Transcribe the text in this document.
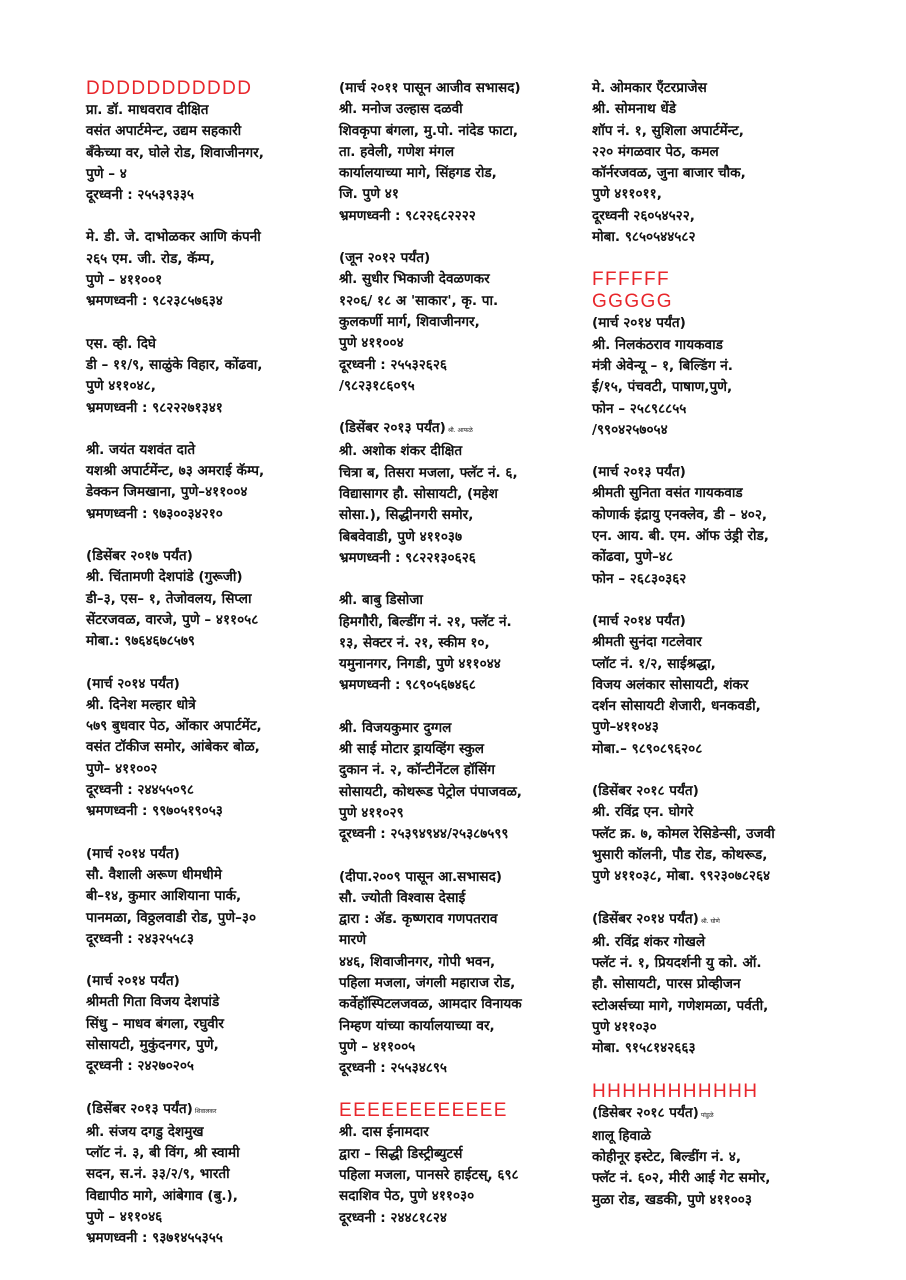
DDDDDDDDDDD
प्रा. डॉ. माधवराव दीक्षित
वसंत अपार्टमेन्ट, उद्यम सहकारी
बँकेच्या वर, घोले रोड, शिवाजीनगर,
पुणे – ४
दूरध्वनी : २५५३९३३५
मे. डी. जे. दाभोळकर आणि कंपनी
२६५ एम. जी. रोड, कॅम्प,
पुणे – ४११००१
भ्रमणध्वनी : ९८२३८५७६३४
एस. व्ही. दिघे
डी – ११/९, साळुंके विहार, कोंढवा,
पुणे ४११०४८,
भ्रमणध्वनी : ९८२२२७१३४१
श्री. जयंत यशवंत दाते
यशश्री अपार्टमेंन्ट, ७३ अमराई कॅम्प,
डेक्कन जिमखाना, पुणे–४११००४
भ्रमणध्वनी : ९७३००३४२१०
(डिसेंबर २०१७ पर्यंत)
श्री. चिंतामणी देशपांडे (गुरूजी)
डी–३, एस– १, तेजोवलय, सिप्ला
सेंटरजवळ, वारजे, पुणे – ४११०५८
मोबा.: ९७६४६७८५७९
(मार्च २०१४ पर्यंत)
श्री. दिनेश मल्हार धोत्रे
५७९ बुधवार पेठ, ओंकार अपार्टमेंट,
वसंत टॉकीज समोर, आंबेकर बोळ,
पुणे– ४११००२
दूरध्वनी : २४४५५०९८
भ्रमणध्वनी : ९९७०५१९०५३
(मार्च २०१४ पर्यंत)
सौ. वैशाली अरूण धीमधीमे
बी–१४, कुमार आशियाना पार्क,
पानमळा, विठ्ठलवाडी रोड, पुणे–३०
दूरध्वनी : २४३२५५८३
(मार्च २०१४ पर्यंत)
श्रीमती गिता विजय देशपांडे
सिंधु – माधव बंगला, रघुवीर
सोसायटी, मुकुंदनगर, पुणे,
दूरध्वनी : २४२७०२०५
(डिसेंबर २०१३ पर्यंत) शिवालकर
श्री. संजय दगडु देशमुख
प्लॉट नं. ३, बी विंग, श्री स्वामी
सदन, स.नं. ३३/२/९, भारती
विद्यापीठ मागे, आंबेगाव (बु.),
पुणे – ४११०४६
भ्रमणध्वनी : ९३७१४५५३५५
(मार्च २०११ पासून आजीव सभासद)
श्री. मनोज उल्हास दळवी
शिवकृपा बंगला, मु.पो. नांदेड फाटा,
ता. हवेली, गणेश मंगल
कार्यालयाच्या मागे, सिंहगड रोड,
जि. पुणे ४१
भ्रमणध्वनी : ९८२२६८२२२२
(जून २०१२ पर्यंत)
श्री. सुधीर भिकाजी देवळणकर
१२०६/ १८ अ 'साकार', कृ. पा.
कुलकर्णी मार्ग, शिवाजीनगर,
पुणे ४११००४
दूरध्वनी : २५५३२६२६
/९८२३१८६०९५
(डिसेंबर २०१३ पर्यंत) श्री. आफळे
श्री. अशोक शंकर दीक्षित
चित्रा ब, तिसरा मजला, फ्लॅट नं. ६,
विद्यासागर हौ. सोसायटी, (महेश
सोसा.), सिद्धीनगरी समोर,
बिबवेवाडी, पुणे ४११०३७
भ्रमणध्वनी : ९८२२१३०६२६
श्री. बाबु डिसोजा
हिमगौरी, बिल्डींग नं. २१, फ्लॅट नं.
१३, सेक्टर नं. २१, स्कीम १०,
यमुनानगर, निगडी, पुणे ४११०४४
भ्रमणध्वनी : ९८९०५६७४६८
श्री. विजयकुमार दुग्गल
श्री साई मोटार ड्रायव्हिंग स्कुल
दुकान नं. २, कॉन्टीनेंटल हॉसिंग
सोसायटी, कोथरूड पेट्रोल पंपाजवळ,
पुणे ४११०२९
दूरध्वनी : २५३९४९४४/२५३८७५९९
(दीपा.२००९ पासून आ.सभासद)
सौ. ज्योती विश्वास देसाई
द्वारा : ॲड. कृष्णराव गणपतराव
मारणे
४४६, शिवाजीनगर, गोपी भवन,
पहिला मजला, जंगली महाराज रोड,
कर्वेहॉस्पिटलजवळ, आमदार विनायक
निम्हण यांच्या कार्यालयाच्या वर,
पुणे – ४११००५
दूरध्वनी : २५५३४८९५
EEEEEEEEEEEE
श्री. दास ईनामदार
द्वारा – सिद्धी डिस्ट्रीब्युटर्स
पहिला मजला, पानसरे हाईटस्, ६९८
सदाशिव पेठ, पुणे ४११०३०
दूरध्वनी : २४४८१८२४
मे. ओमकार ऍंटरप्राजेस
श्री. सोमनाथ धेंडे
शॉप नं. १, सुशिला अपार्टमेंन्ट,
२२० मंगळवार पेठ, कमल
कॉर्नरजवळ, जुना बाजार चौक,
पुणे ४११०११,
दूरध्वनी २६०५४५२२,
मोबा. ९८५०५४४५८२
FFFFFF
GGGGG
(मार्च २०१४ पर्यंत)
श्री. निलकंठराव गायकवाड
मंत्री अेवेन्यू – १, बिल्डिंग नं.
ई/१५, पंचवटी, पाषाण,पुणे,
फोन – २५८९८८५५
/९९०४२५७०५४
(मार्च २०१३ पर्यंत)
श्रीमती सुनिता वसंत गायकवाड
कोणार्क इंद्रायु एनक्लेव, डी – ४०२,
एन. आय. बी. एम. ऑफ उंड्री रोड,
कोंढवा, पुणे–४८
फोन – २६८३०३६२
(मार्च २०१४ पर्यंत)
श्रीमती सुनंदा गटलेवार
प्लॉट नं. १/२, साईश्रद्धा,
विजय अलंकार सोसायटी, शंकर
दर्शन सोसायटी शेजारी, धनकवडी,
पुणे–४११०४३
मोबा.– ९८९०८९६२०८
(डिसेंबर २०१८ पर्यंत)
श्री. रविंद्र एन. घोगरे
फ्लॅट क्र. ७, कोमल रेसिडेन्सी, उजवी
भुसारी कॉलनी, पौड रोड, कोथरूड,
पुणे ४११०३८, मोबा. ९९२३०७८२६४
(डिसेंबर २०१४ पर्यंत) श्री. घोणे
श्री. रविंद्र शंकर गोखले
फ्लॅट नं. १, प्रियदर्शनी यु को. ऑ.
हौ. सोसायटी, पारस प्रोव्हीजन
स्टोअर्सच्या मागे, गणेशमळा, पर्वती,
पुणे ४११०३०
मोबा. ९१५८१४२६६३
HHHHHHHHHHH
(डिसेबर २०१८ पर्यंत) पांडुळे
शालू हिवाळे
कोहीनूर इस्टेट, बिल्डींग नं. ४,
फ्लॅट नं. ६०२, मीरी आई गेट समोर,
मुळा रोड, खडकी, पुणे ४११००३
